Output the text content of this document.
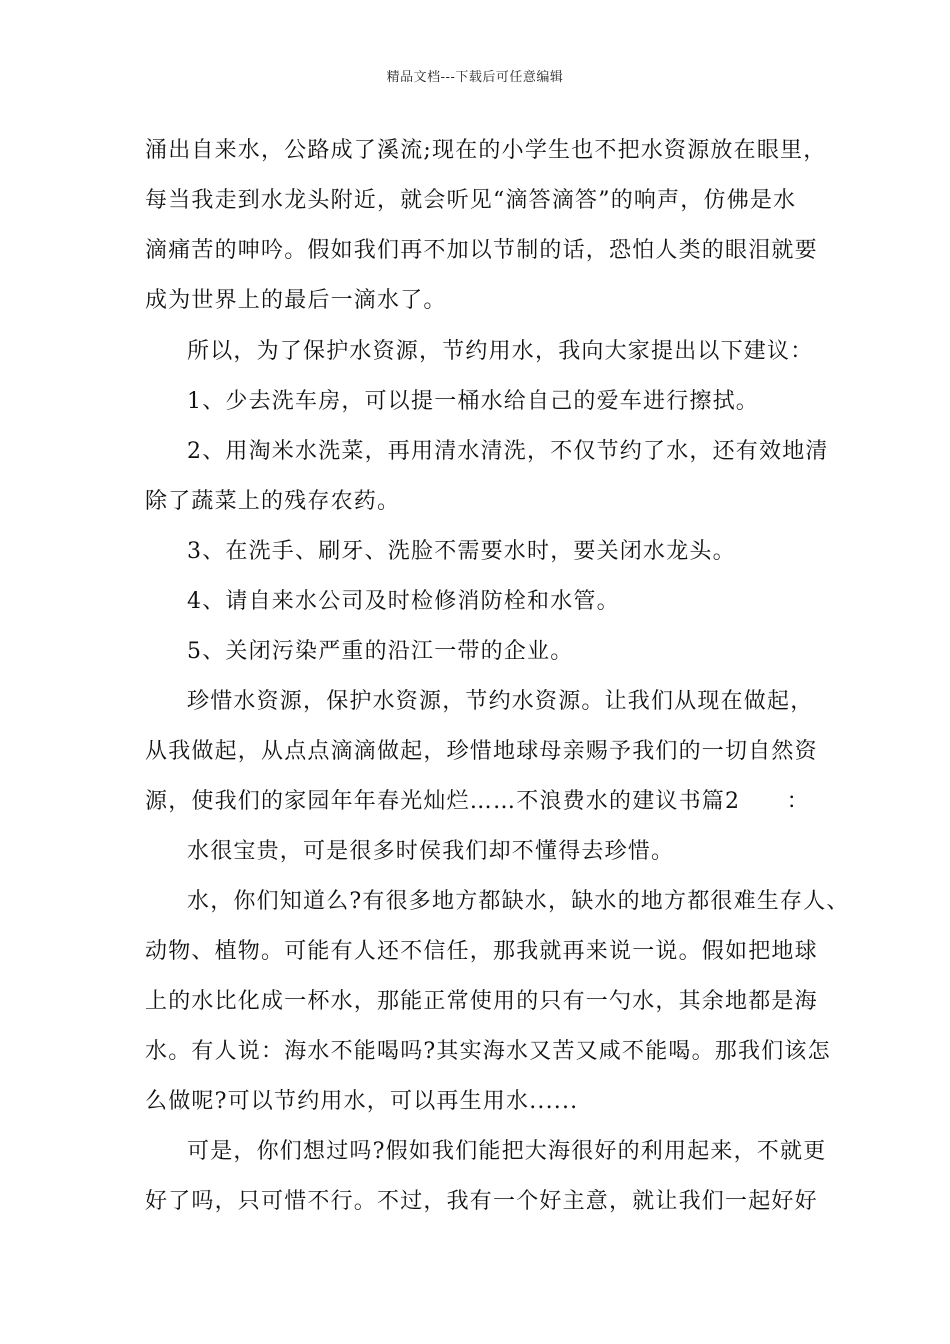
精品文档---下载后可任意编辑
涌出自来水，公路成了溪流;现在的小学生也不把水资源放在眼里，
每当我走到水龙头附近，就会听见“滴答滴答”的响声，仿佛是水
滴痛苦的呻吟。假如我们再不加以节制的话，恐怕人类的眼泪就要
成为世界上的最后一滴水了。
所以，为了保护水资源，节约用水，我向大家提出以下建议：
1、少去洗车房，可以提一桶水给自己的爱车进行擦拭。
2、用淘米水洗菜，再用清水清洗，不仅节约了水，还有效地清
除了蔬菜上的残存农药。
3、在洗手、刷牙、洗脸不需要水时，要关闭水龙头。
4、请自来水公司及时检修消防栓和水管。
5、关闭污染严重的沿江一带的企业。
珍惜水资源，保护水资源，节约水资源。让我们从现在做起，
从我做起，从点点滴滴做起，珍惜地球母亲赐予我们的一切自然资
源，使我们的家园年年春光灿烂……不浪费水的建议书篇2　　：
水很宝贵，可是很多时侯我们却不懂得去珍惜。
水，你们知道么?有很多地方都缺水，缺水的地方都很难生存人、
动物、植物。可能有人还不信任，那我就再来说一说。假如把地球
上的水比化成一杯水，那能正常使用的只有一勺水，其余地都是海
水。有人说：海水不能喝吗?其实海水又苦又咸不能喝。那我们该怎
么做呢?可以节约用水，可以再生用水......
可是，你们想过吗?假如我们能把大海很好的利用起来，不就更
好了吗，只可惜不行。不过，我有一个好主意，就让我们一起好好
